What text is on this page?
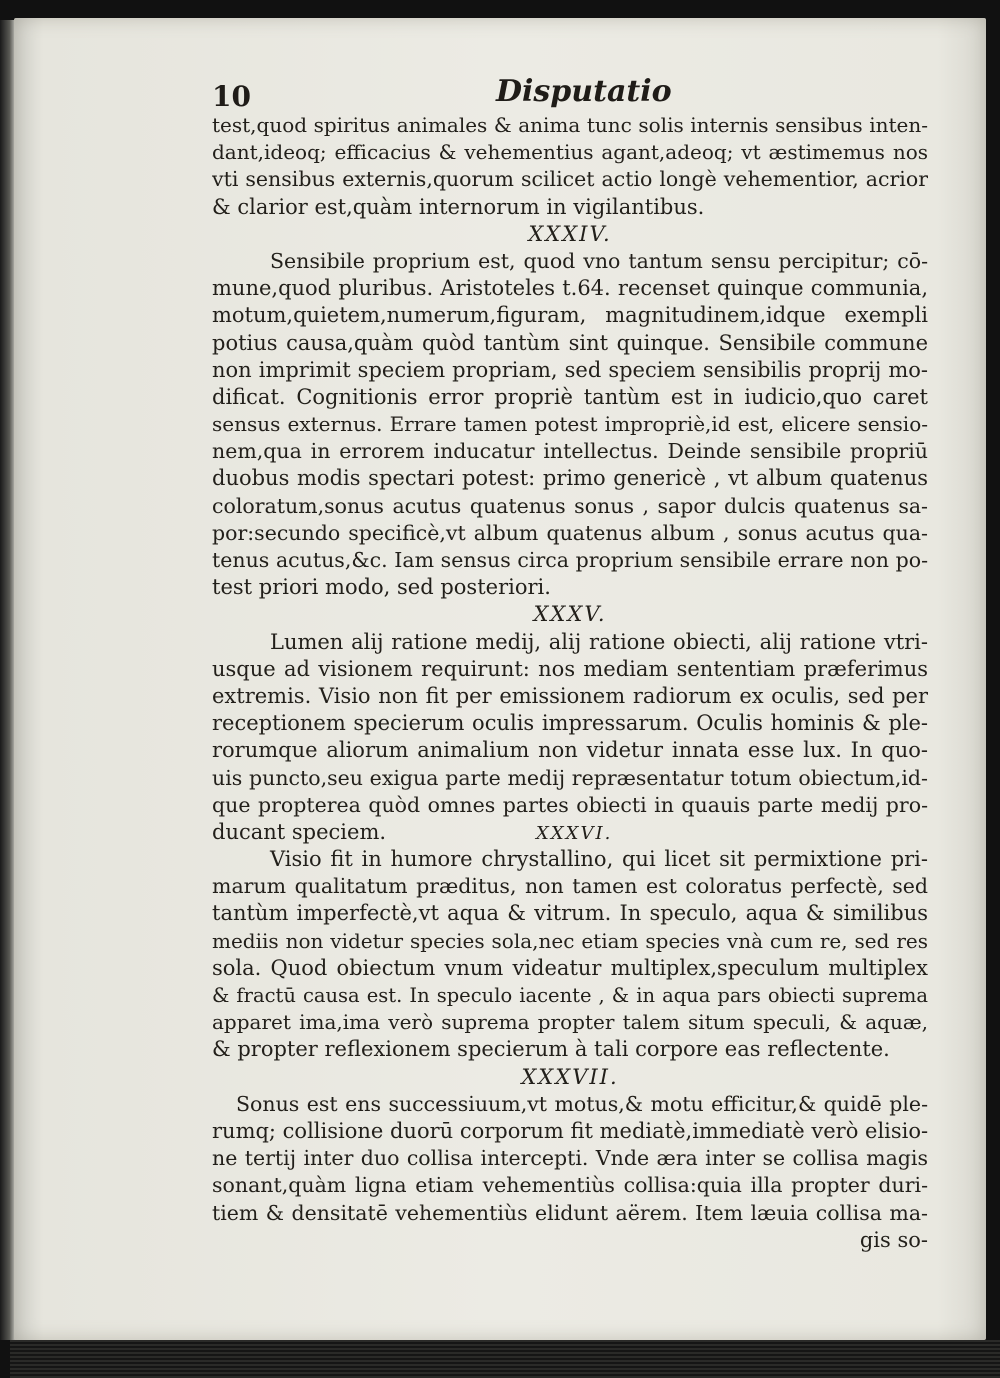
10	Disputatio
test,quod spiritus animales & anima tunc solis internis sensibus inten-
dant,ideoq; efficacius & vehementius agant,adeoq; vt æstimemus nos
vti sensibus externis,quorum scilicet actio longè vehementior, acrior
& clarior est,quàm internorum in vigilantibus.
XXXIV.
Sensibile proprium est, quod vno tantum sensu percipitur; cō-
mune,quod pluribus. Aristoteles t.64. recenset quinque communia,
motum,quietem,numerum,figuram, magnitudinem,idque exempli
potius causa,quàm quòd tantùm sint quinque. Sensibile commune
non imprimit speciem propriam, sed speciem sensibilis proprij mo-
dificat. Cognitionis error propriè tantùm est in iudicio,quo caret
sensus externus. Errare tamen potest impropriè,id est, elicere sensio-
nem,qua in errorem inducatur intellectus. Deinde sensibile propriū
duobus modis spectari potest: primo genericè , vt album quatenus
coloratum,sonus acutus quatenus sonus , sapor dulcis quatenus sa-
por:secundo specificè,vt album quatenus album , sonus acutus qua-
tenus acutus,&c. Iam sensus circa proprium sensibile errare non po-
test priori modo, sed posteriori.
XXXV.
Lumen alij ratione medij, alij ratione obiecti, alij ratione vtri-
usque ad visionem requirunt: nos mediam sententiam præferimus
extremis. Visio non fit per emissionem radiorum ex oculis, sed per
receptionem specierum oculis impressarum. Oculis hominis & ple-
rorumque aliorum animalium non videtur innata esse lux. In quo-
uis puncto,seu exigua parte medij repræsentatur totum obiectum,id-
que propterea quòd omnes partes obiecti in quauis parte medij pro-
ducant speciem.	XXXVI.
Visio fit in humore chrystallino, qui licet sit permixtione pri-
marum qualitatum præditus, non tamen est coloratus perfectè, sed
tantùm imperfectè,vt aqua & vitrum. In speculo, aqua & similibus
mediis non videtur species sola,nec etiam species vnà cum re, sed res
sola. Quod obiectum vnum videatur multiplex,speculum multiplex
& fractū causa est. In speculo iacente , & in aqua pars obiecti suprema
apparet ima,ima verò suprema propter talem situm speculi, & aquæ,
& propter reflexionem specierum à tali corpore eas reflectente.
XXXVII.
Sonus est ens successiuum,vt motus,& motu efficitur,& quidē ple-
rumq; collisione duorū corporum fit mediatè,immediatè verò elisio-
ne tertij inter duo collisa intercepti. Vnde æra inter se collisa magis
sonant,quàm ligna etiam vehementiùs collisa:quia illa propter duri-
tiem & densitatē vehementiùs elidunt aërem. Item læuia collisa ma-
gis so-
